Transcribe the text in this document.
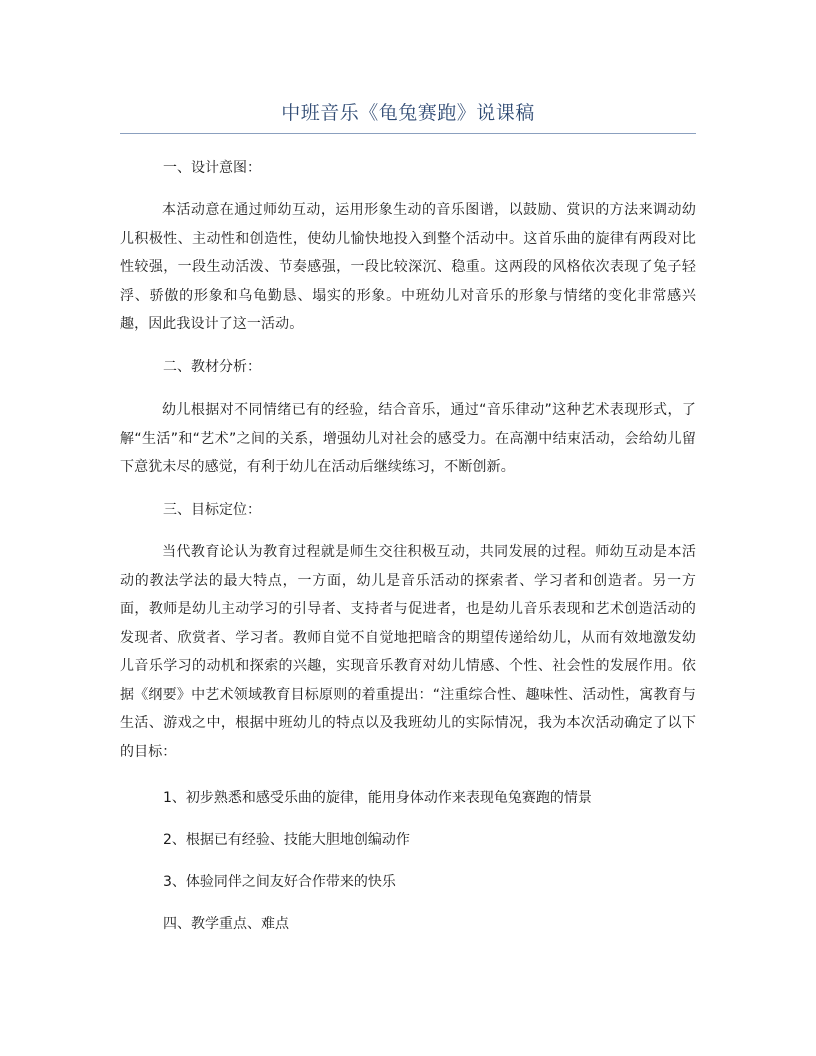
中班音乐《龟兔赛跑》说课稿
一、设计意图：
本活动意在通过师幼互动，运用形象生动的音乐图谱，以鼓励、赏识的方法来调动幼儿积极性、主动性和创造性，使幼儿愉快地投入到整个活动中。这首乐曲的旋律有两段对比性较强，一段生动活泼、节奏感强，一段比较深沉、稳重。这两段的风格依次表现了兔子轻浮、骄傲的形象和乌龟勤恳、塌实的形象。中班幼儿对音乐的形象与情绪的变化非常感兴趣，因此我设计了这一活动。
二、教材分析：
幼儿根据对不同情绪已有的经验，结合音乐，通过“音乐律动”这种艺术表现形式，了解“生活”和“艺术”之间的关系，增强幼儿对社会的感受力。在高潮中结束活动，会给幼儿留下意犹未尽的感觉，有利于幼儿在活动后继续练习，不断创新。
三、目标定位：
当代教育论认为教育过程就是师生交往积极互动，共同发展的过程。师幼互动是本活动的教法学法的最大特点，一方面，幼儿是音乐活动的探索者、学习者和创造者。另一方面，教师是幼儿主动学习的引导者、支持者与促进者，也是幼儿音乐表现和艺术创造活动的发现者、欣赏者、学习者。教师自觉不自觉地把暗含的期望传递给幼儿，从而有效地激发幼儿音乐学习的动机和探索的兴趣，实现音乐教育对幼儿情感、个性、社会性的发展作用。依据《纲要》中艺术领域教育目标原则的着重提出：“注重综合性、趣味性、活动性，寓教育与生活、游戏之中，根据中班幼儿的特点以及我班幼儿的实际情况，我为本次活动确定了以下的目标：
1、初步熟悉和感受乐曲的旋律，能用身体动作来表现龟兔赛跑的情景
2、根据已有经验、技能大胆地创编动作
3、体验同伴之间友好合作带来的快乐
四、教学重点、难点
